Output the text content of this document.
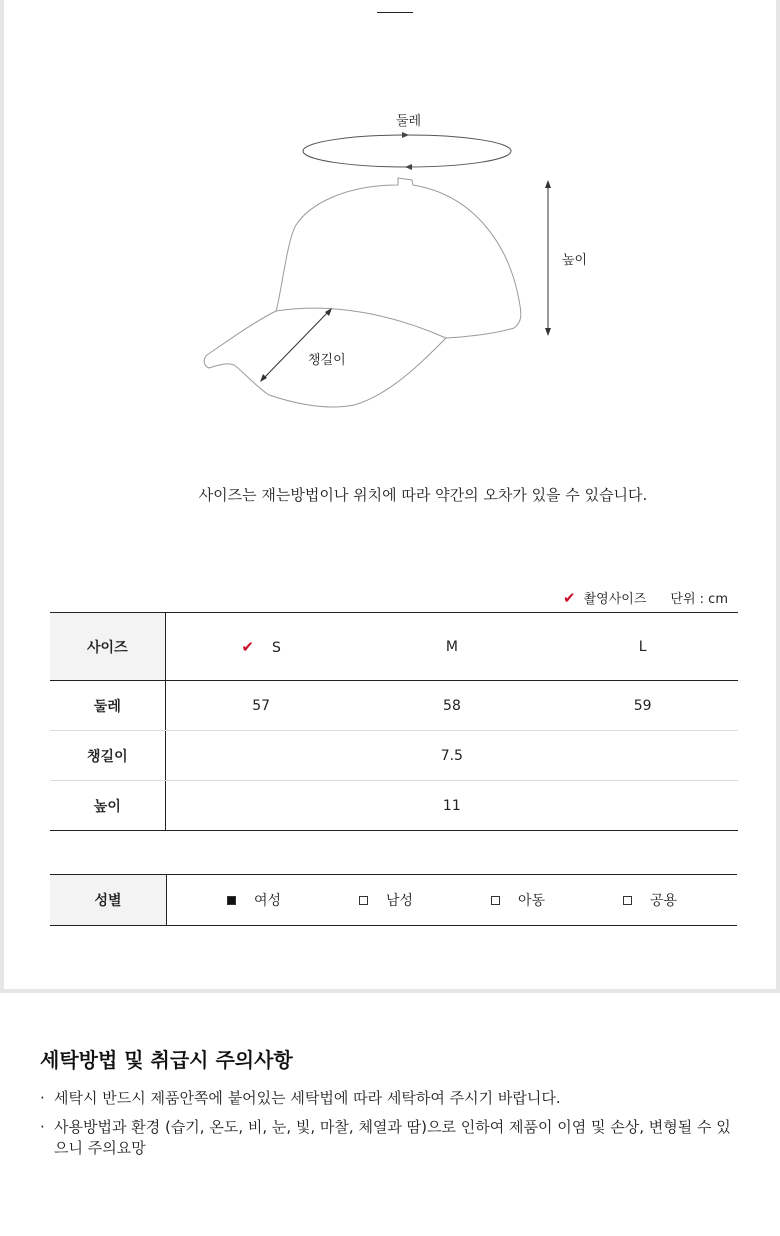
둘레
챙길이
높이
사이즈는 재는방법이나 위치에 따라 약간의 오차가 있을 수 있습니다.
✔ 촬영사이즈 단위 : cm
사이즈	✔ S	M	L
둘레	57	58	59
챙길이	7.5		
높이	11		
성별	여성	남성	아동	공용
세탁방법 및 취급시 주의사항
· 세탁시 반드시 제품안쪽에 붙어있는 세탁법에 따라 세탁하여 주시기 바랍니다.
· 사용방법과 환경 (습기, 온도, 비, 눈, 빛, 마찰, 체열과 땀)으로 인하여 제품이 이염 및 손상, 변형될 수 있으니 주의요망
